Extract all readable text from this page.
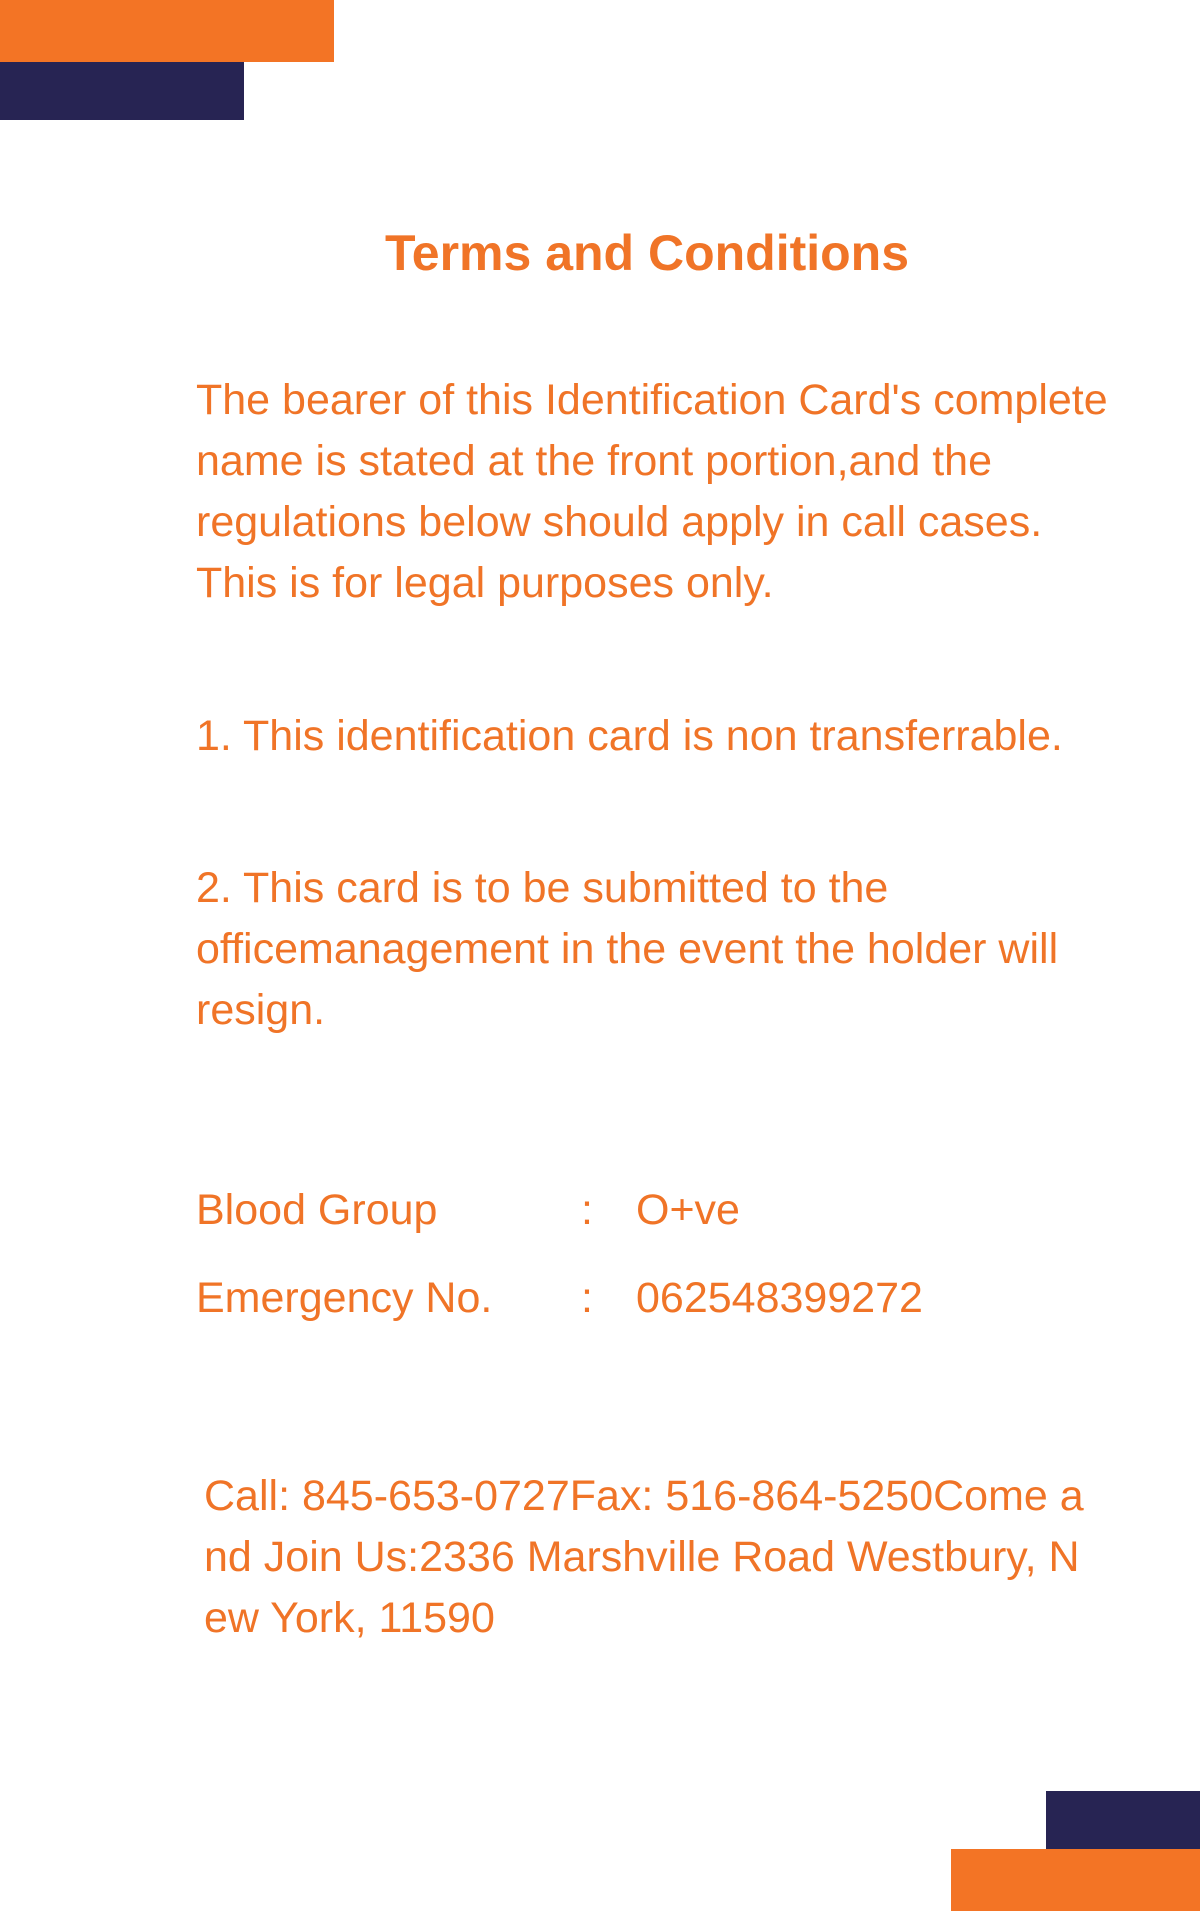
Terms and Conditions

The bearer of this Identification Card's complete name is stated at the front portion,and the regulations below should apply in call cases. This is for legal purposes only.

1. This identification card is non transferrable.

2. This card is to be submitted to the officemanagement in the event the holder will resign.

Blood Group	: O+ve
Emergency No. : 062548399272

Call: 845-653-0727Fax: 516-864-5250Come and Join Us:2336 Marshville Road Westbury, New York, 11590
